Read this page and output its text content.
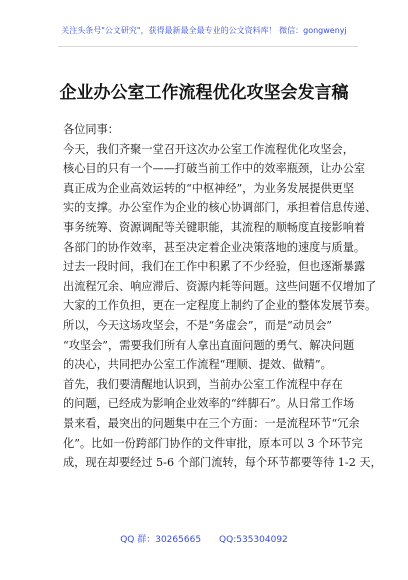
关注头条号"公文研究"，获得最新最全最专业的公文资料库！ 微信：gongwenyj
企业办公室工作流程优化攻坚会发言稿

各位同事：

今天，我们齐聚一堂召开这次办公室工作流程优化攻坚会，

核心目的只有一个——打破当前工作中的效率瓶颈，让办公室

真正成为企业高效运转的“中枢神经”，为业务发展提供更坚

实的支撑。办公室作为企业的核心协调部门，承担着信息传递、

事务统筹、资源调配等关键职能，其流程的顺畅度直接影响着

各部门的协作效率，甚至决定着企业决策落地的速度与质量。

过去一段时间，我们在工作中积累了不少经验，但也逐渐暴露

出流程冗余、响应滞后、资源内耗等问题。这些问题不仅增加了

大家的工作负担，更在一定程度上制约了企业的整体发展节奏。

所以，今天这场攻坚会，不是“务虚会”，而是“动员会”

“攻坚会”，需要我们所有人拿出直面问题的勇气、解决问题

的决心，共同把办公室工作流程“理顺、提效、做精”。

首先，我们要清醒地认识到，当前办公室工作流程中存在

的问题，已经成为影响企业效率的“绊脚石”。从日常工作场

景来看，最突出的问题集中在三个方面：一是流程环节“冗余

化”。比如一份跨部门协作的文件审批，原本可以 3 个环节完

成，现在却要经过 5-6 个部门流转，每个环节都要等待 1-2 天，

QQ 群：30265665 QQ:535304092
